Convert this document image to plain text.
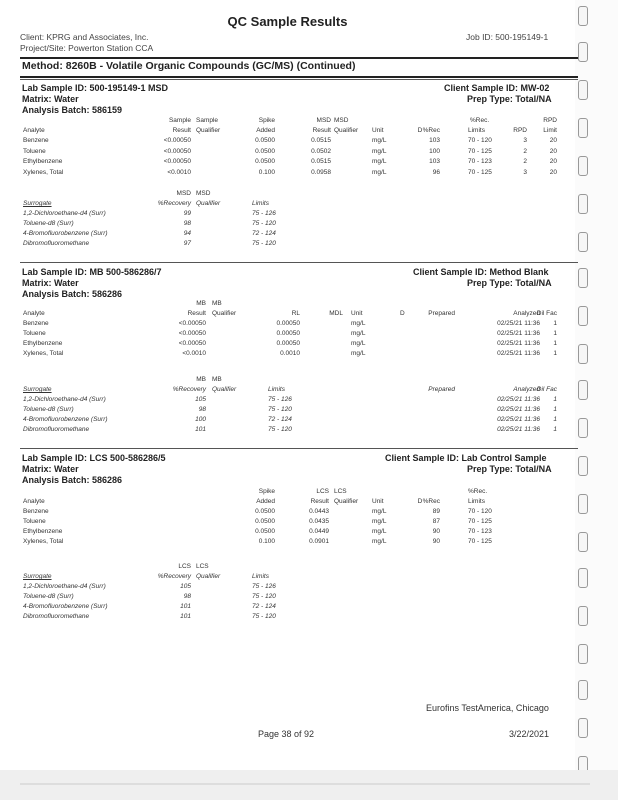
QC Sample Results
Client: KPRG and Associates, Inc.
Project/Site: Powerton Station CCA
Job ID: 500-195149-1
Method: 8260B - Volatile Organic Compounds (GC/MS) (Continued)
Lab Sample ID: 500-195149-1 MSD
Matrix: Water
Analysis Batch: 586159
Client Sample ID: MW-02
Prep Type: Total/NA
Sample Sample	Spike	MSD MSD	%Rec.	RPD
Analyte	Result Qualifier	Added	Result Qualifier Unit	D %Rec	Limits	RPD	Limit
Benzene	<0.00050	0.0500	0.0515	mg/L	103	70 - 120	3	20
Toluene	<0.00050	0.0500	0.0502	mg/L	100	70 - 125	2	20
Ethylbenzene	<0.00050	0.0500	0.0515	mg/L	103	70 - 123	2	20
Xylenes, Total	<0.0010	0.100	0.0958	mg/L	96	70 - 125	3	20
MSD MSD
Surrogate	%Recovery Qualifier	Limits
1,2-Dichloroethane-d4 (Surr)	99	75 - 126
Toluene-d8 (Surr)	98	75 - 120
4-Bromofluorobenzene (Surr)	94	72 - 124
Dibromofluoromethane	97	75 - 120
Lab Sample ID: MB 500-586286/7
Matrix: Water
Analysis Batch: 586286
Client Sample ID: Method Blank
Prep Type: Total/NA
MB MB
Analyte	Result Qualifier	RL	MDL Unit	D	Prepared	Analyzed
Dil Fac
Benzene	<0.00050	0.00050	mg/L	02/25/21 11:36	1
Toluene	<0.00050	0.00050	mg/L	02/25/21 11:36	1
Ethylbenzene	<0.00050	0.00050	mg/L	02/25/21 11:36	1
Xylenes, Total	<0.0010	0.0010	mg/L	02/25/21 11:36	1
MB MB
Surrogate	%Recovery Qualifier	Limits	Prepared	Analyzed
Dil Fac
1,2-Dichloroethane-d4 (Surr)	105	75 - 126	02/25/21 11:36	1
Toluene-d8 (Surr)	98	75 - 120	02/25/21 11:36	1
4-Bromofluorobenzene (Surr)	100	72 - 124	02/25/21 11:36	1
Dibromofluoromethane	101	75 - 120	02/25/21 11:36	1
Lab Sample ID: LCS 500-586286/5
Matrix: Water
Analysis Batch: 586286
Client Sample ID: Lab Control Sample
Prep Type: Total/NA
Spike	LCS LCS	%Rec.
Analyte	Added	Result Qualifier Unit	D %Rec	Limits
Benzene	0.0500	0.0443	mg/L	89	70 - 120
Toluene	0.0500	0.0435	mg/L	87	70 - 125
Ethylbenzene	0.0500	0.0449	mg/L	90	70 - 123
Xylenes, Total	0.100	0.0901	mg/L	90	70 - 125
LCS LCS
Surrogate	%Recovery Qualifier	Limits
1,2-Dichloroethane-d4 (Surr)	105	75 - 126
Toluene-d8 (Surr)	98	75 - 120
4-Bromofluorobenzene (Surr)	101	72 - 124
Dibromofluoromethane	101	75 - 120
Eurofins TestAmerica, Chicago
Page 38 of 92	3/22/2021
